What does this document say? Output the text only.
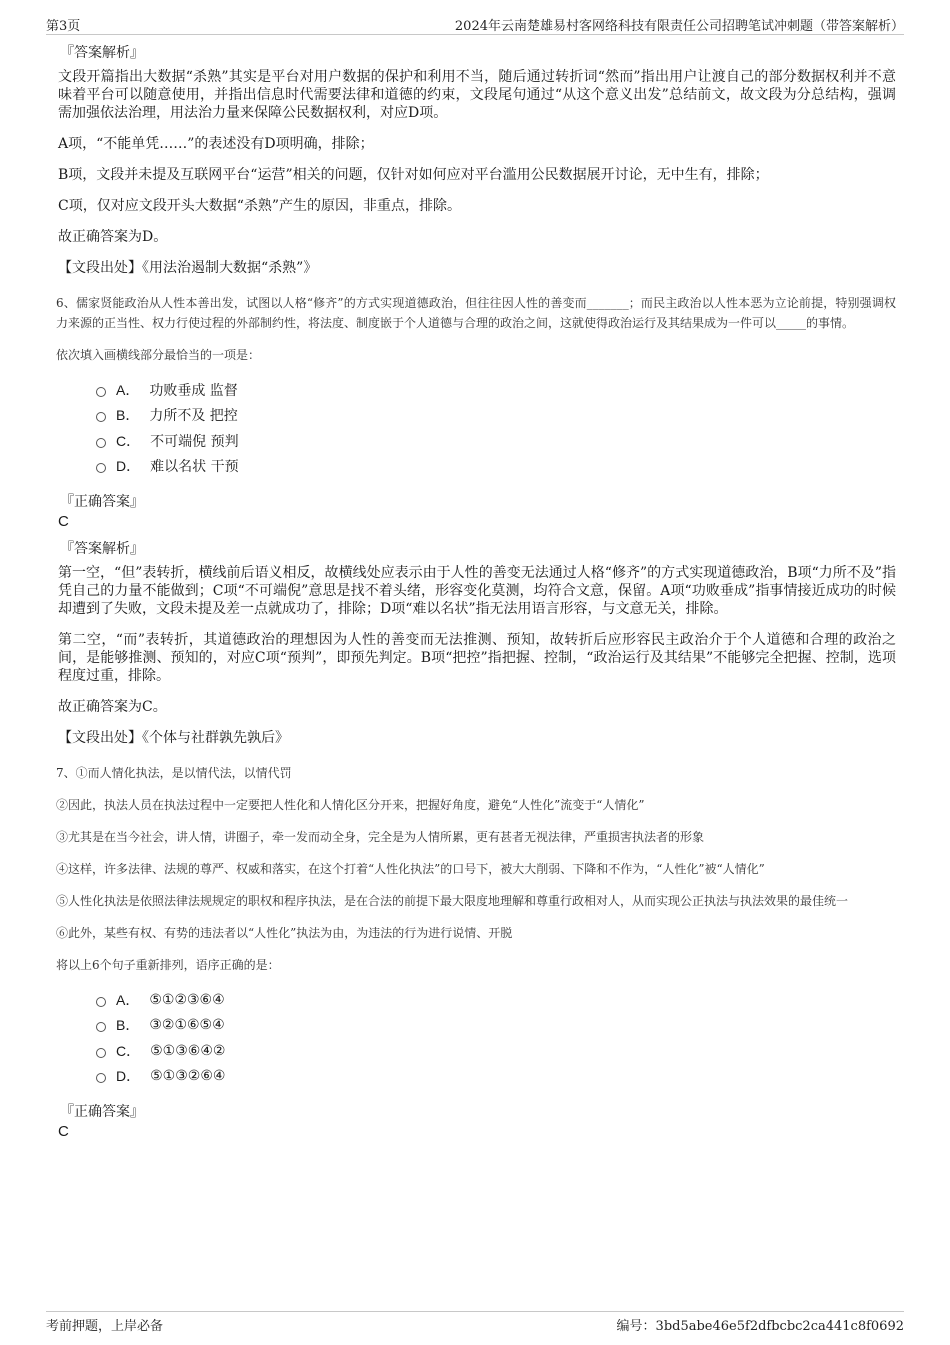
第3页	2024年云南楚雄易村客网络科技有限责任公司招聘笔试冲刺题（带答案解析）
『答案解析』

文段开篇指出大数据“杀熟”其实是平台对用户数据的保护和利用不当，随后通过转折词“然而”指出用户让渡自己的部分数据权利并不意味着平台可以随意使用，并指出信息时代需要法律和道德的约束，文段尾句通过“从这个意义出发”总结前文，故文段为分总结构，强调需加强依法治理，用法治力量来保障公民数据权利，对应D项。

A项，“不能单凭……”的表述没有D项明确，排除；

B项，文段并未提及互联网平台“运营”相关的问题，仅针对如何应对平台滥用公民数据展开讨论，无中生有，排除；

C项，仅对应文段开头大数据“杀熟”产生的原因，非重点，排除。

故正确答案为D。

【文段出处】《用法治遏制大数据“杀熟”》

6、儒家贤能政治从人性本善出发，试图以人格“修齐”的方式实现道德政治，但往往因人性的善变而_______；而民主政治以人性本恶为立论前提，特别强调权力来源的正当性、权力行使过程的外部制约性，将法度、制度嵌于个人道德与合理的政治之间，这就使得政治运行及其结果成为一件可以_____的事情。

依次填入画横线部分最恰当的一项是：

A． 功败垂成 监督
B． 力所不及 把控
C． 不可端倪 预判
D． 难以名状 干预
『正确答案』
C
『答案解析』

第一空，“但”表转折，横线前后语义相反，故横线处应表示由于人性的善变无法通过人格“修齐”的方式实现道德政治，B项“力所不及”指凭自己的力量不能做到；C项“不可端倪”意思是找不着头绪，形容变化莫测，均符合文意，保留。A项“功败垂成”指事情接近成功的时候却遭到了失败，文段未提及差一点就成功了，排除；D项“难以名状”指无法用语言形容，与文意无关，排除。

第二空，“而”表转折，其道德政治的理想因为人性的善变而无法推测、预知，故转折后应形容民主政治介于个人道德和合理的政治之间，是能够推测、预知的，对应C项“预判”，即预先判定。B项“把控”指把握、控制，“政治运行及其结果”不能够完全把握、控制，选项程度过重，排除。

故正确答案为C。

【文段出处】《个体与社群孰先孰后》

7、①而人情化执法，是以情代法，以情代罚

②因此，执法人员在执法过程中一定要把人性化和人情化区分开来，把握好角度，避免“人性化”流变于“人情化”

③尤其是在当今社会，讲人情，讲圈子，牵一发而动全身，完全是为人情所累，更有甚者无视法律，严重损害执法者的形象

④这样，许多法律、法规的尊严、权威和落实，在这个打着“人性化执法”的口号下，被大大削弱、下降和不作为，“人性化”被“人情化”

⑤人性化执法是依照法律法规规定的职权和程序执法，是在合法的前提下最大限度地理解和尊重行政相对人，从而实现公正执法与执法效果的最佳统一

⑥此外，某些有权、有势的违法者以“人性化”执法为由，为违法的行为进行说情、开脱

将以上6个句子重新排列，语序正确的是：

A． ⑤①②③⑥④
B． ③②①⑥⑤④
C． ⑤①③⑥④②
D． ⑤①③②⑥④
『正确答案』
C
考前押题，上岸必备	编号：3bd5abe46e5f2dfbcbc2ca441c8f0692
